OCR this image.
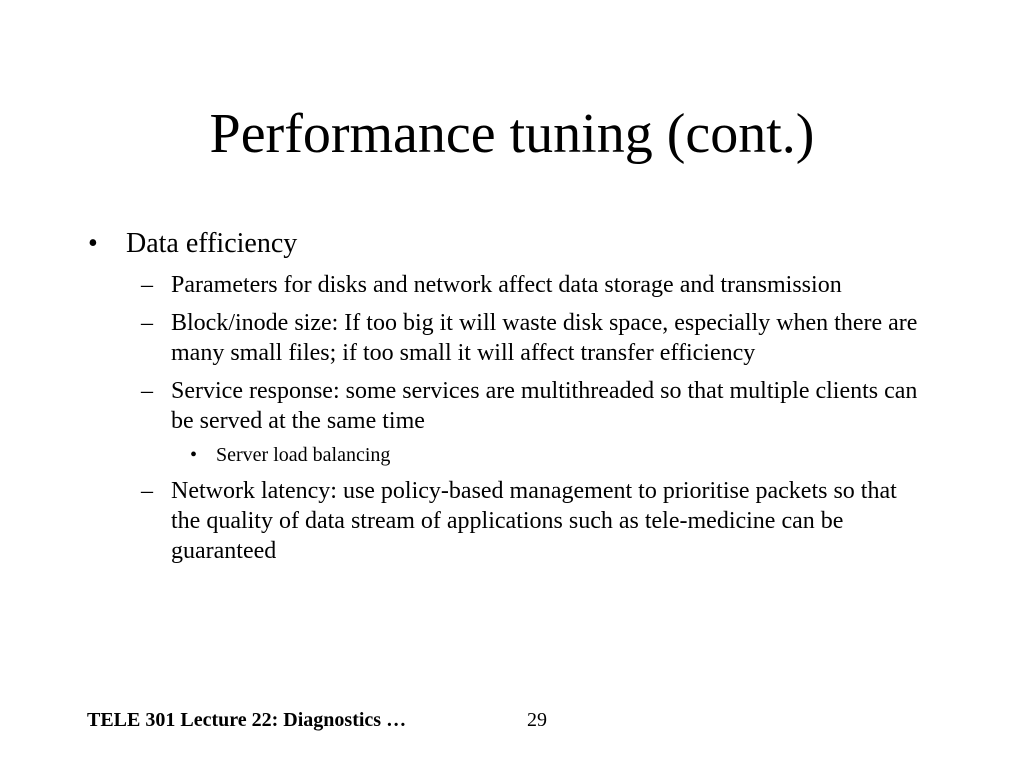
Performance tuning (cont.)
• Data efficiency
– Parameters for disks and network affect data storage and transmission
– Block/inode size: If too big it will waste disk space, especially when there are many small files; if too small it will affect transfer efficiency
– Service response: some services are multithreaded so that multiple clients can be served at the same time
• Server load balancing
– Network latency: use policy-based management to prioritise packets so that the quality of data stream of applications such as tele-medicine can be guaranteed
TELE 301 Lecture 22: Diagnostics …	29
